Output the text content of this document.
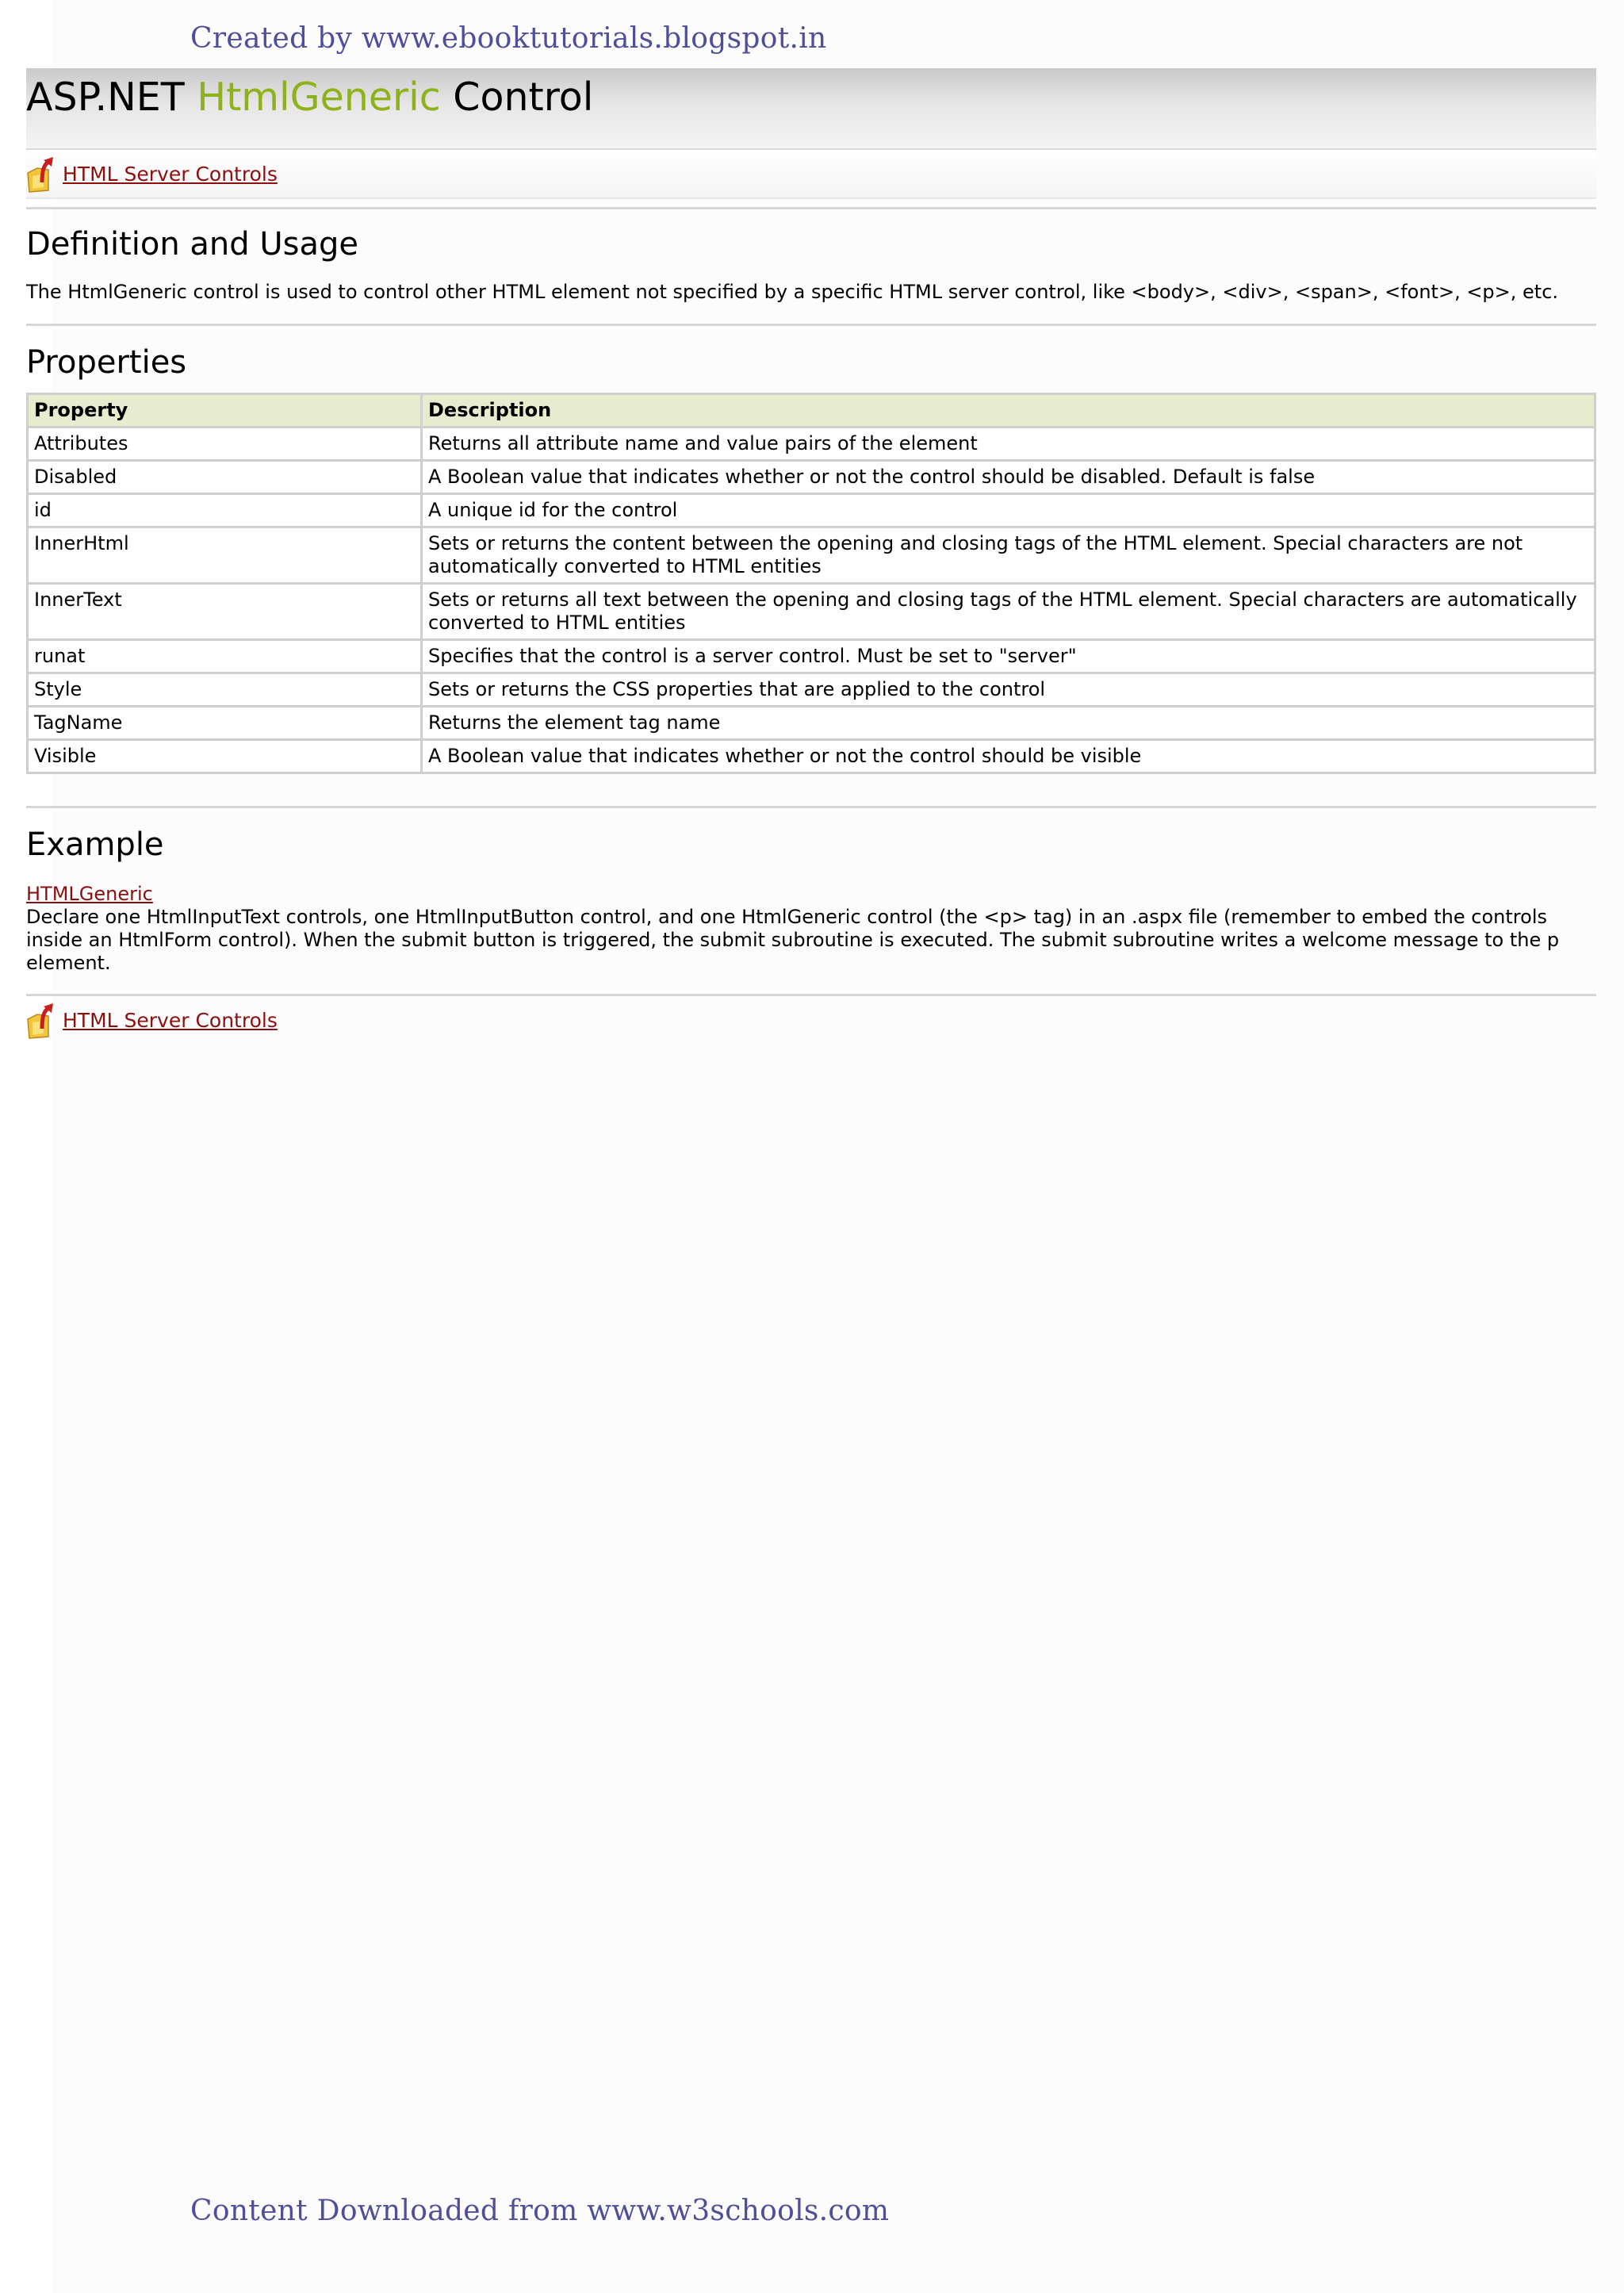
Created by www.ebooktutorials.blogspot.in
ASP.NET HtmlGeneric Control
HTML Server Controls
Definition and Usage

The HtmlGeneric control is used to control other HTML element not specified by a specific HTML server control, like <body>, <div>, <span>, <font>, <p>, etc.

Properties
Property	Description
Attributes	Returns all attribute name and value pairs of the element
Disabled	A Boolean value that indicates whether or not the control should be disabled. Default is false
id	A unique id for the control
InnerHtml	Sets or returns the content between the opening and closing tags of the HTML element. Special characters are not automatically converted to HTML entities
InnerText	Sets or returns all text between the opening and closing tags of the HTML element. Special characters are automatically converted to HTML entities
runat	Specifies that the control is a server control. Must be set to "server"
Style	Sets or returns the CSS properties that are applied to the control
TagName	Returns the element tag name
Visible	A Boolean value that indicates whether or not the control should be visible
Example
HTMLGeneric

Declare one HtmlInputText controls, one HtmlInputButton control, and one HtmlGeneric control (the <p> tag) in an .aspx file (remember to embed the controls inside an HtmlForm control). When the submit button is triggered, the submit subroutine is executed. The submit subroutine writes a welcome message to the p element.

HTML Server Controls
Content Downloaded from www.w3schools.com
